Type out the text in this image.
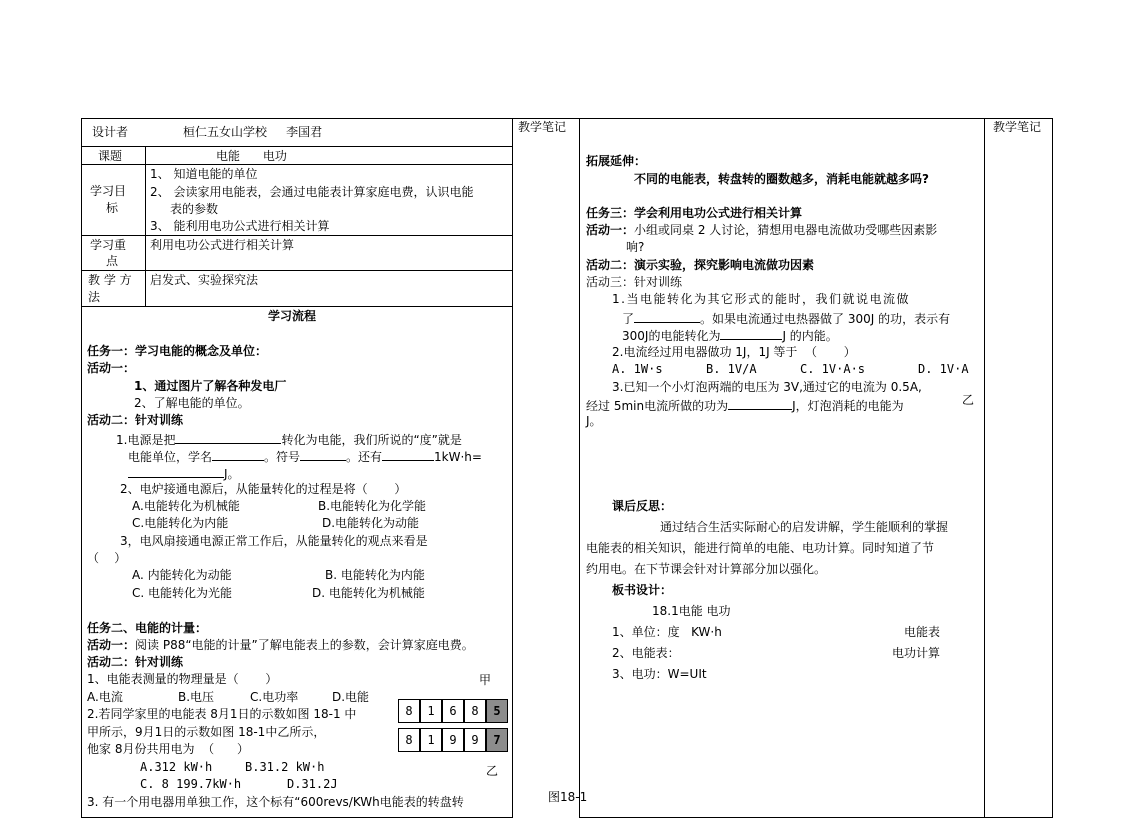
设计者	桓仁五女山学校     李国君
课题	电能      电功
学习目
标
1、 知道电能的单位
2、 会读家用电能表，会通过电能表计算家庭电费，认识电能
表的参数
3、 能利用电功公式进行相关计算
学习重
点
利用电功公式进行相关计算
教 学 方
法
启发式、实验探究法
教学笔记	教学笔记
学习流程
任务一：学习电能的概念及单位：
活动一：
1、通过图片了解各种发电厂
2、了解电能的单位。
活动二：针对训练
1.电源是把	转化为电能，我们所说的“度”就是
电能单位，学名	。符号	。还有	1kW·h=
J。
2、电炉接通电源后，从能量转化的过程是将（       ）
A.电能转化为机械能	B.电能转化为化学能
C.电能转化为内能	D.电能转化为动能
3，电风扇接通电源正常工作后，从能量转化的观点来看是
（    ）
A. 内能转化为动能	B. 电能转化为内能
C. 电能转化为光能	D. 电能转化为机械能
任务二、电能的计量：
活动一：阅读 P88“电能的计量”了解电能表上的参数，会计算家庭电费。
活动二：针对训练
1、电能表测量的物理量是（       ）	甲
A.电流	B.电压	C.电功率	D.电能
8	1	6	8	5
8	1	9	9	7
2.若同学家里的电能表 8月1日的示数如图 18-1 中
甲所示，9月1日的示数如图 18-1中乙所示，
他家 8月份共用电为  （      ）
A.312 kW·h	B.31.2 kW·h
C. 8 199.7kW·h	D.31.2J
乙
3. 有一个用电器用单独工作，这个标有“600revs/KWh电能表的转盘转	图18-1
拓展延伸：
不同的电能表，转盘转的圈数越多，消耗电能就越多吗?
任务三：学会利用电功公式进行相关计算
活动一：小组或同桌 2 人讨论，猜想用电器电流做功受哪些因素影
响?
活动二：演示实验，探究影响电流做功因素
活动三：针对训练
1.当电能转化为其它形式的能时，我们就说电流做
了	。如果电流通过电热器做了 300J 的功，表示有
300J的电能转化为	J 的内能。
2.电流经过用电器做功 1J，1J 等于  （       ）
A. 1W·s	B. 1V/A	C. 1V·A·s	D. 1V·A
3.已知一个小灯泡两端的电压为 3V,通过它的电流为 0.5A,
经过 5min电流所做的功为	J，灯泡消耗的电能为
J。
乙
课后反思：
通过结合生活实际耐心的启发讲解，学生能顺利的掌握
电能表的相关知识，能进行简单的电能、电功计算。同时知道了节
约用电。在下节课会针对计算部分加以强化。
板书设计：
18.1电能 电功
1、单位：度   KW·h	电能表
2、电能表：	电功计算
3、电功：W=UIt
